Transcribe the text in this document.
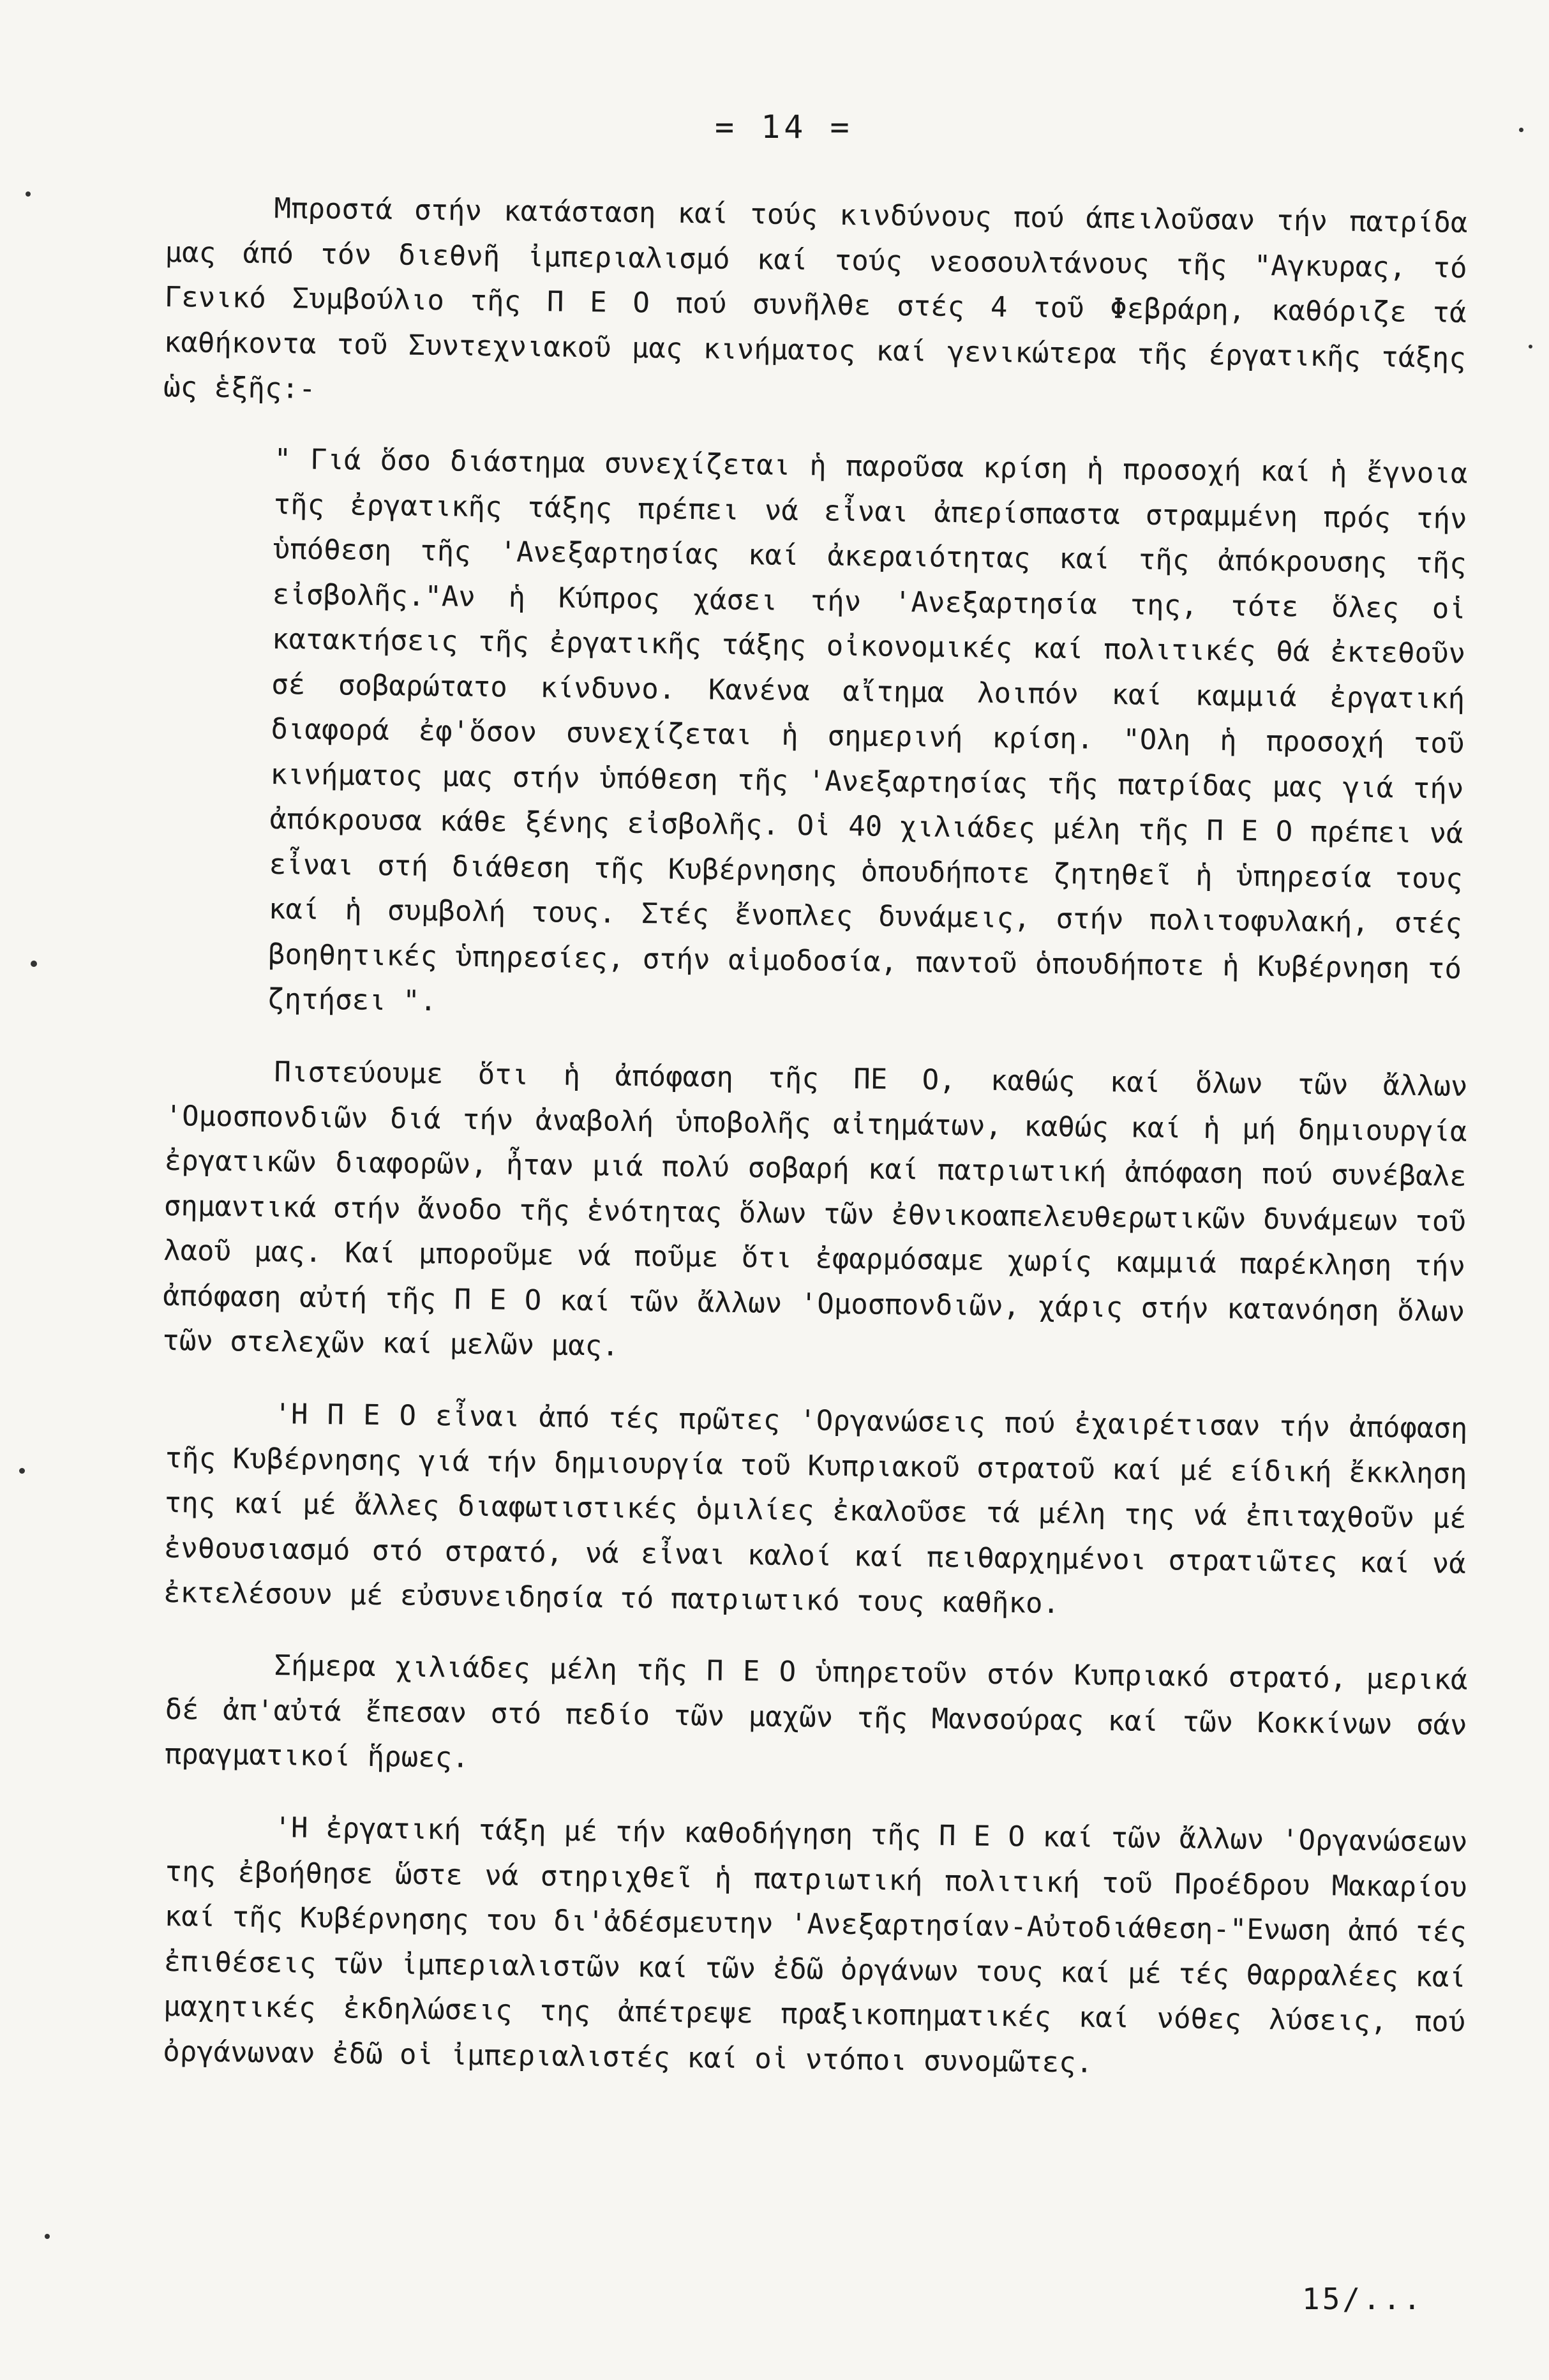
= 14 =

Μπροστά στήν κατάσταση καί τούς κινδύνους πού άπειλοῦσαν τήν πατρίδα μας άπό τόν διεθνῆ ἰμπεριαλισμό καί τούς νεοσουλτάνους τῆς "Αγκυρας, τό Γενικό Συμβούλιο τῆς Π Ε Ο πού συνῆλθε στές 4 τοῦ Φεβράρη, καθόριζε τά καθήκοντα τοῦ Συντεχνιακοῦ μας κινήματος καί γενικώτερα τῆς έργατικῆς τάξης ὡς ἑξῆς:-

" Γιά ὅσο διάστημα συνεχίζεται ἡ παροῦσα κρίση ἡ προσοχή καί ἡ ἔγνοια τῆς ἐργατικῆς τάξης πρέπει νά εἶναι ἀπερίσπαστα στραμμένη πρός τήν ὑπόθεση τῆς 'Ανεξαρτησίας καί ἀκεραιότητας καί τῆς ἀπόκρουσης τῆς εἰσβολῆς."Αν ἡ Κύπρος χάσει τήν 'Ανεξαρτησία της, τότε ὅλες οἱ κατακτήσεις τῆς ἐργατικῆς τάξης οἰκονομικές καί πολιτικές θά ἐκτεθοῦν σέ σοβαρώτατο κίνδυνο. Κανένα αἴτημα λοιπόν καί καμμιά ἐργατική διαφορά ἐφ'ὅσον συνεχίζεται ἡ σημερινή κρίση. "Ολη ἡ προσοχή τοῦ κινήματος μας στήν ὑπόθεση τῆς 'Ανεξαρτησίας τῆς πατρίδας μας γιά τήν ἀπόκρουσα κάθε ξένης εἰσβολῆς. Οἱ 40 χιλιάδες μέλη τῆς Π Ε Ο πρέπει νά εἶναι στή διάθεση τῆς Κυβέρνησης ὁπουδήποτε ζητηθεῖ ἡ ὑπηρεσία τους καί ἡ συμβολή τους. Στές ἔνοπλες δυνάμεις, στήν πολιτοφυλακή, στές βοηθητικές ὑπηρεσίες, στήν αἱμοδοσία, παντοῦ ὁπουδήποτε ἡ Κυβέρνηση τό ζητήσει ".

Πιστεύουμε ὅτι ἡ ἀπόφαση τῆς ΠΕ Ο, καθώς καί ὅλων τῶν ἄλλων 'Ομοσπονδιῶν διά τήν ἀναβολή ὑποβολῆς αἰτημάτων, καθώς καί ἡ μή δημιουργία ἐργατικῶν διαφορῶν, ἦταν μιά πολύ σοβαρή καί πατριωτική ἀπόφαση πού συνέβαλε σημαντικά στήν ἄνοδο τῆς ἑνότητας ὅλων τῶν ἐθνικοαπελευθερωτικῶν δυνάμεων τοῦ λαοῦ μας. Καί μποροῦμε νά ποῦμε ὅτι ἐφαρμόσαμε χωρίς καμμιά παρέκληση τήν ἀπόφαση αὐτή τῆς Π Ε Ο καί τῶν ἄλλων 'Ομοσπονδιῶν, χάρις στήν κατανόηση ὅλων τῶν στελεχῶν καί μελῶν μας.

'Η Π Ε Ο εἶναι ἀπό τές πρῶτες 'Οργανώσεις πού ἐχαιρέτισαν τήν ἀπόφαση τῆς Κυβέρνησης γιά τήν δημιουργία τοῦ Κυπριακοῦ στρατοῦ καί μέ είδική ἔκκληση της καί μέ ἄλλες διαφωτιστικές ὁμιλίες ἐκαλοῦσε τά μέλη της νά ἐπιταχθοῦν μέ ἐνθουσιασμό στό στρατό, νά εἶναι καλοί καί πειθαρχημένοι στρατιῶτες καί νά ἐκτελέσουν μέ εὐσυνειδησία τό πατριωτικό τους καθῆκο.

Σήμερα χιλιάδες μέλη τῆς Π Ε Ο ὑπηρετοῦν στόν Κυπριακό στρατό, μερικά δέ ἀπ'αὐτά ἔπεσαν στό πεδίο τῶν μαχῶν τῆς Μανσούρας καί τῶν Κοκκίνων σάν πραγματικοί ἥρωες.

'Η ἐργατική τάξη μέ τήν καθοδήγηση τῆς Π Ε Ο καί τῶν ἄλλων 'Οργανώσεων της ἐβοήθησε ὥστε νά στηριχθεῖ ἡ πατριωτική πολιτική τοῦ Προέδρου Μακαρίου καί τῆς Κυβέρνησης του δι'ἀδέσμευτην 'Ανεξαρτησίαν-Αὐτοδιάθεση-"Ενωση ἀπό τές ἐπιθέσεις τῶν ἰμπεριαλιστῶν καί τῶν ἐδῶ ὀργάνων τους καί μέ τές θαρραλέες καί μαχητικές ἐκδηλώσεις της ἀπέτρεψε πραξικοπηματικές καί νόθες λύσεις, πού ὀργάνωναν ἐδῶ οἱ ἰμπεριαλιστές καί οἱ ντόποι συνομῶτες.

15/...
